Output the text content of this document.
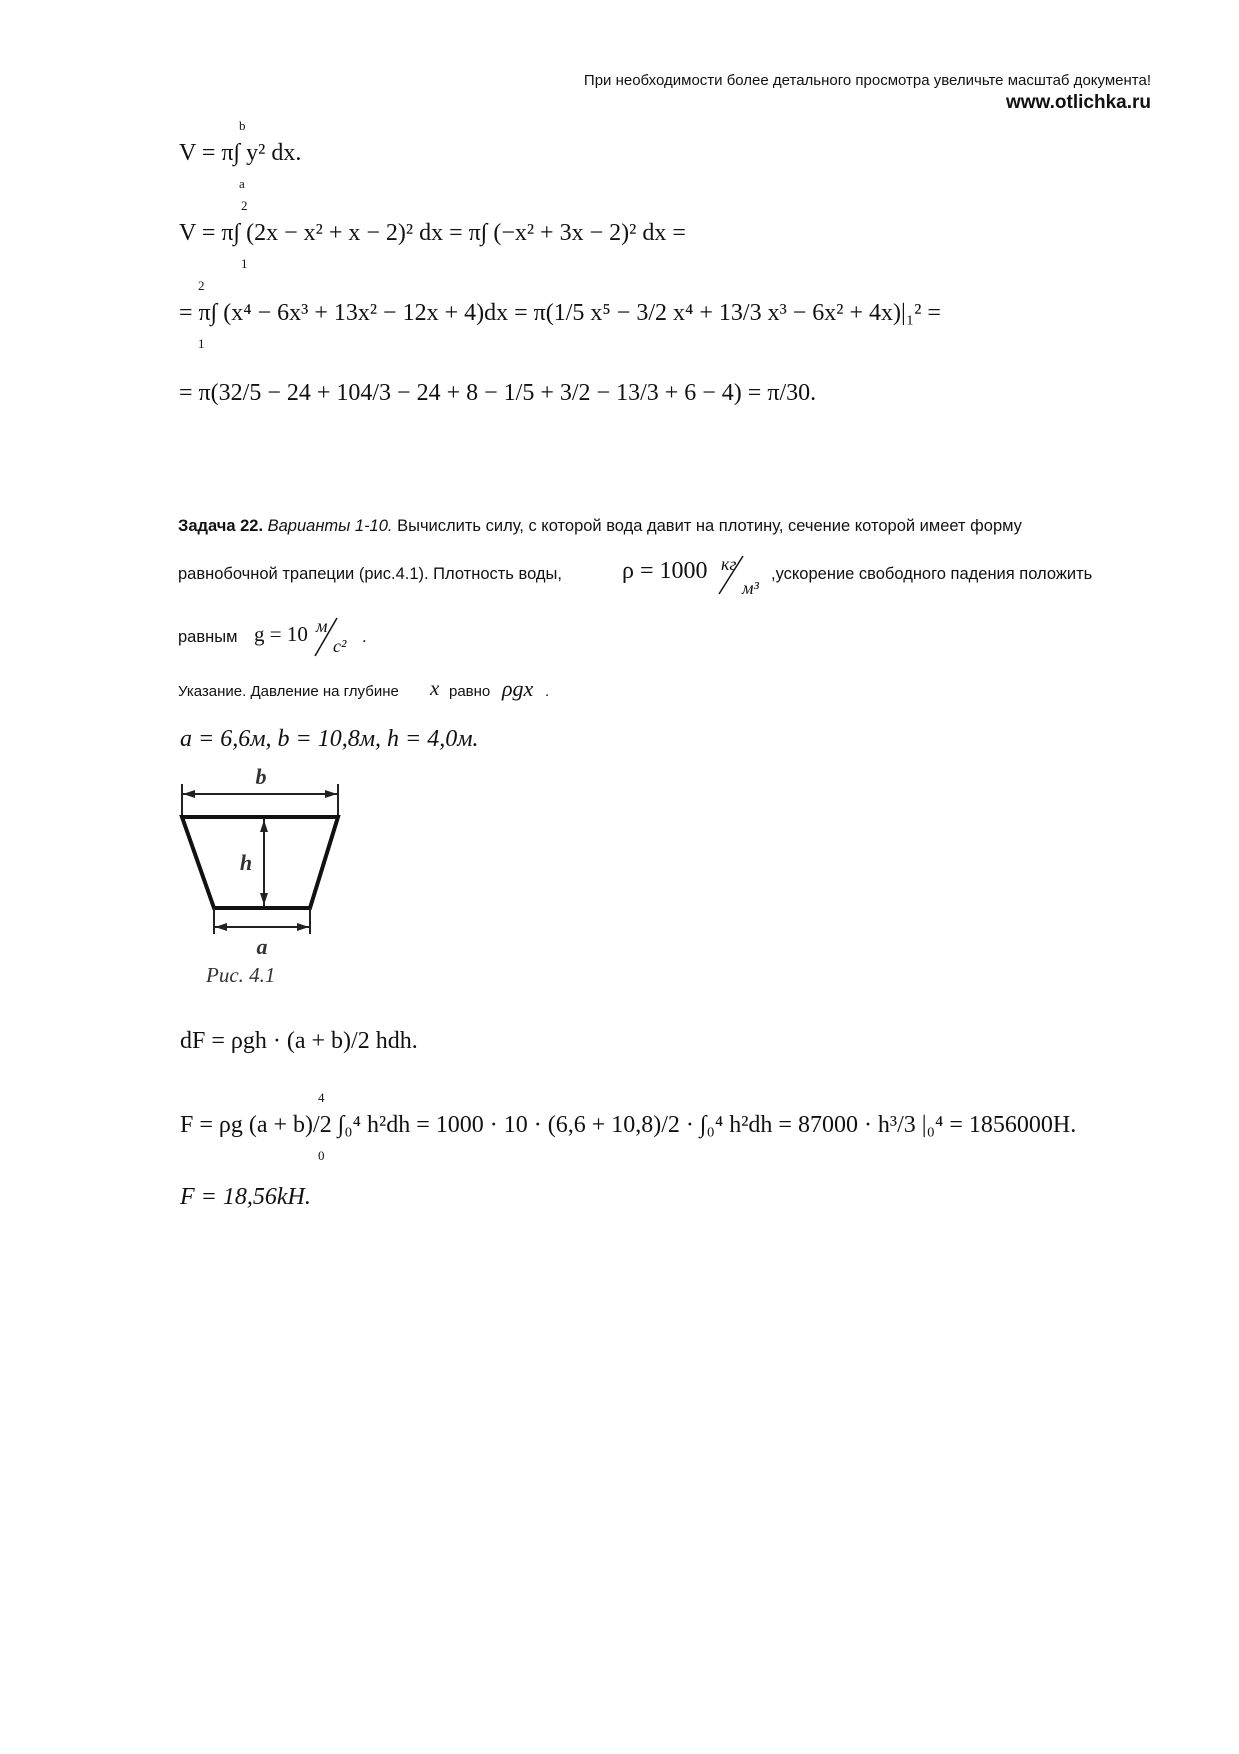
При необходимости более детального просмотра увеличьте масштаб документа!
www.otlichka.ru
V = π∫ y² dx.
b
a
V = π∫ (2x − x² + x − 2)² dx = π∫ (−x² + 3x − 2)² dx =
2
1
= π∫ (x⁴ − 6x³ + 13x² − 12x + 4)dx = π(1/5 x⁵ − 3/2 x⁴ + 13/3 x³ − 6x² + 4x)|₁² =
2
1
= π(32/5 − 24 + 104/3 − 24 + 8 − 1/5 + 3/2 − 13/3 + 6 − 4) = π/30.
Задача 22. Варианты 1-10. Вычислить силу, с которой вода давит на плотину, сечение которой имеет форму
равнобочной трапеции (рис.4.1). Плотность воды,	ρ = 1000 кг
м³
,ускорение свободного падения положить
равным g = 10 м
с² .
Указание. Давление на глубине x равно ρgx .
a = 6,6м, b = 10,8м, h = 4,0м.
b
h
a
Рис. 4.1
dF = ρgh · (a + b)/2 hdh.
F = ρg (a + b)/2 ∫₀⁴ h²dh = 1000 · 10 · (6,6 + 10,8)/2 · ∫₀⁴ h²dh = 87000 · h³/3 |₀⁴ = 1856000H.
4
0
F = 18,56kH.
